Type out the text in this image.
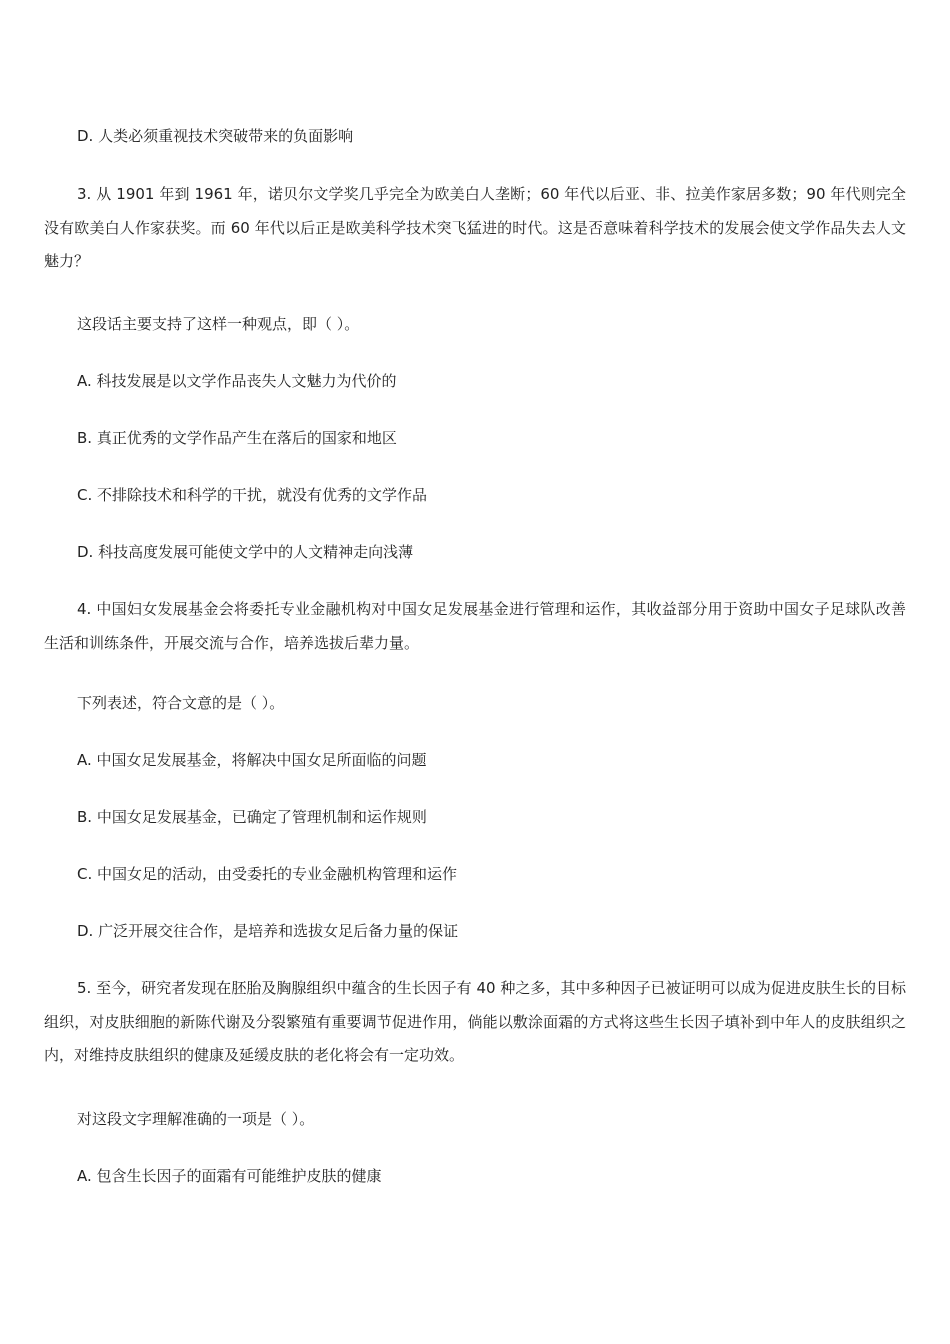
D. 人类必须重视技术突破带来的负面影响
3. 从 1901 年到 1961 年，诺贝尔文学奖几乎完全为欧美白人垄断；60 年代以后亚、非、拉美作家居多数；90 年代则完全没有欧美白人作家获奖。而 60 年代以后正是欧美科学技术突飞猛进的时代。这是否意味着科学技术的发展会使文学作品失去人文魅力？
这段话主要支持了这样一种观点，即（ ）。
A. 科技发展是以文学作品丧失人文魅力为代价的
B. 真正优秀的文学作品产生在落后的国家和地区
C. 不排除技术和科学的干扰，就没有优秀的文学作品
D. 科技高度发展可能使文学中的人文精神走向浅薄
4. 中国妇女发展基金会将委托专业金融机构对中国女足发展基金进行管理和运作，其收益部分用于资助中国女子足球队改善生活和训练条件，开展交流与合作，培养选拔后辈力量。
下列表述，符合文意的是（ ）。
A. 中国女足发展基金，将解决中国女足所面临的问题
B. 中国女足发展基金，已确定了管理机制和运作规则
C. 中国女足的活动，由受委托的专业金融机构管理和运作
D. 广泛开展交往合作，是培养和选拔女足后备力量的保证
5. 至今，研究者发现在胚胎及胸腺组织中蕴含的生长因子有 40 种之多，其中多种因子已被证明可以成为促进皮肤生长的目标组织，对皮肤细胞的新陈代谢及分裂繁殖有重要调节促进作用，倘能以敷涂面霜的方式将这些生长因子填补到中年人的皮肤组织之内，对维持皮肤组织的健康及延缓皮肤的老化将会有一定功效。
对这段文字理解准确的一项是（ ）。
A. 包含生长因子的面霜有可能维护皮肤的健康
